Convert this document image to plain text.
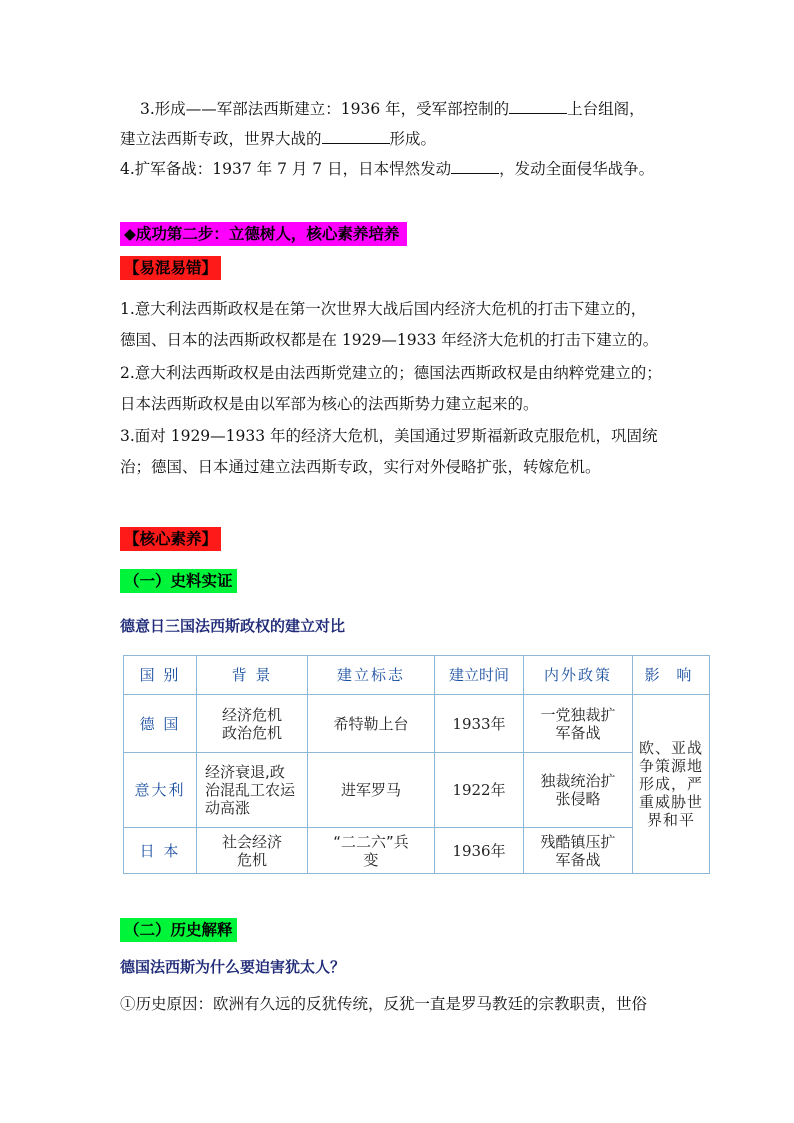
3.形成——军部法西斯建立：1936 年，受军部控制的	上台组阁，
建立法西斯专政，世界大战的	形成。
4.扩军备战：1937 年 7 月 7 日，日本悍然发动	，发动全面侵华战争。
◆成功第二步：立德树人，核心素养培养
【易混易错】
1.意大利法西斯政权是在第一次世界大战后国内经济大危机的打击下建立的，
德国、日本的法西斯政权都是在 1929—1933 年经济大危机的打击下建立的。
2.意大利法西斯政权是由法西斯党建立的；德国法西斯政权是由纳粹党建立的；
日本法西斯政权是由以军部为核心的法西斯势力建立起来的。
3.面对 1929—1933 年的经济大危机，美国通过罗斯福新政克服危机，巩固统
治；德国、日本通过建立法西斯专政，实行对外侵略扩张，转嫁危机。
【核心素养】
（一）史料实证
德意日三国法西斯政权的建立对比
国 别	背 景	建立标志	建立时间	内外政策	影 响
德 国	经济危机政治危机	希特勒上台	1933年	一党独裁扩军备战	欧、亚战争策源地形成，严重威胁世界和平
意大利	经济衰退,政治混乱工农运动高涨	进军罗马	1922年	独裁统治扩张侵略	
日 本	社会经济危机	“二二六”兵变	1936年	残酷镇压扩军备战	
（二）历史解释
德国法西斯为什么要迫害犹太人？
①历史原因：欧洲有久远的反犹传统，反犹一直是罗马教廷的宗教职责，世俗
